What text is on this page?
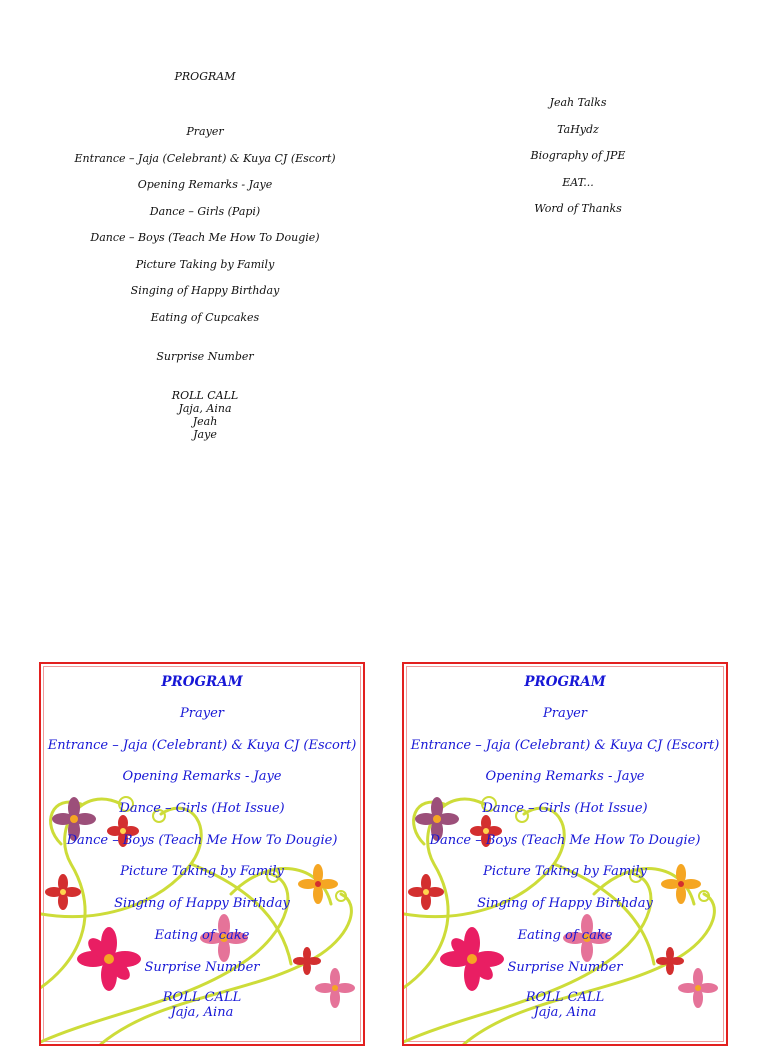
PROGRAM
Prayer
Entrance – Jaja (Celebrant) & Kuya CJ (Escort)
Opening Remarks - Jaye
Dance – Girls (Papi)
Dance – Boys (Teach Me How To Dougie)
Picture Taking by Family
Singing of Happy Birthday
Eating of Cupcakes
Surprise Number
ROLL CALL
Jaja, Aina
Jeah
Jaye
Jeah Talks
TaHydz
Biography of JPE
EAT...
Word of Thanks
PROGRAM
Prayer
Entrance – Jaja (Celebrant) & Kuya CJ (Escort)
Opening Remarks - Jaye
Dance – Girls (Hot Issue)
Dance – Boys (Teach Me How To Dougie)
Picture Taking by Family
Singing of Happy Birthday
Eating of cake
Surprise Number
ROLL CALL
Jaja, Aina
PROGRAM
Prayer
Entrance – Jaja (Celebrant) & Kuya CJ (Escort)
Opening Remarks - Jaye
Dance – Girls (Hot Issue)
Dance – Boys (Teach Me How To Dougie)
Picture Taking by Family
Singing of Happy Birthday
Eating of cake
Surprise Number
ROLL CALL
Jaja, Aina
